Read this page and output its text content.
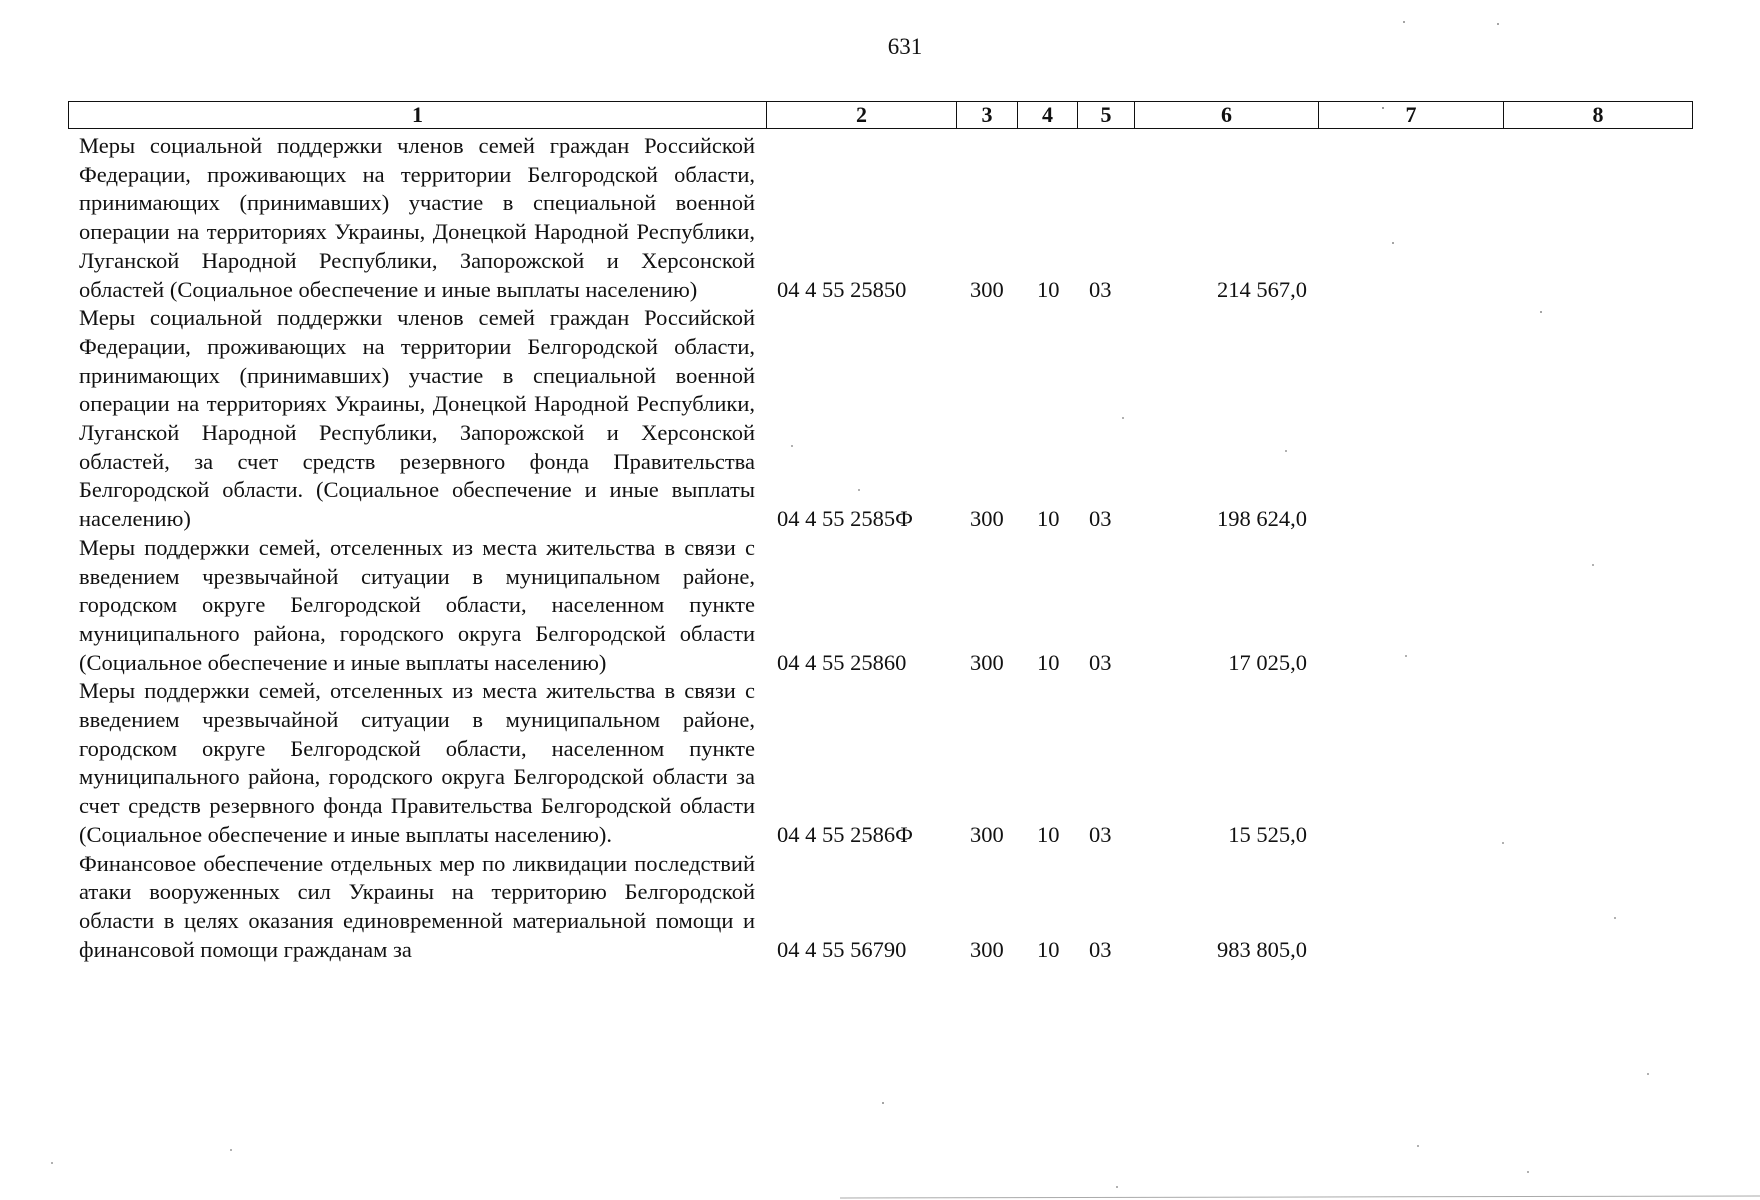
631
1	2	3	4	5	6	7	8
Меры социальной поддержки членов семей граждан Российской Федерации, проживающих на территории Белгородской области, принимающих (принимавших) участие в специальной военной операции на территориях Украины, Донецкой Народной Республики, Луганской Народной Республики, Запорожской и Херсонской областей (Социальное обеспечение и иные выплаты населению)	04 4 55 25850	300 10 03	214 567,0
Меры социальной поддержки членов семей граждан Российской Федерации, проживающих на территории Белгородской области, принимающих (принимавших) участие в специальной военной операции на территориях Украины, Донецкой Народной Республики, Луганской Народной Республики, Запорожской и Херсонской областей, за счет средств резервного фонда Правительства Белгородской области. (Социальное обеспечение и иные выплаты населению)	04 4 55 2585Ф	300 10 03	198 624,0
Меры поддержки семей, отселенных из места жительства в связи с введением чрезвычайной ситуации в муниципальном районе, городском округе Белгородской области, населенном пункте муниципального района, городского округа Белгородской области (Социальное обеспечение и иные выплаты населению)	04 4 55 25860	300 10 03	17 025,0
Меры поддержки семей, отселенных из места жительства в связи с введением чрезвычайной ситуации в муниципальном районе, городском округе Белгородской области, населенном пункте муниципального района, городского округа Белгородской области за счет средств резервного фонда Правительства Белгородской области (Социальное обеспечение и иные выплаты населению).	04 4 55 2586Ф	300 10 03	15 525,0
Финансовое обеспечение отдельных мер по ликвидации последствий атаки вооруженных сил Украины на территорию Белгородской области в целях оказания единовременной материальной помощи и финансовой помощи гражданам за	04 4 55 56790	300 10 03	983 805,0
